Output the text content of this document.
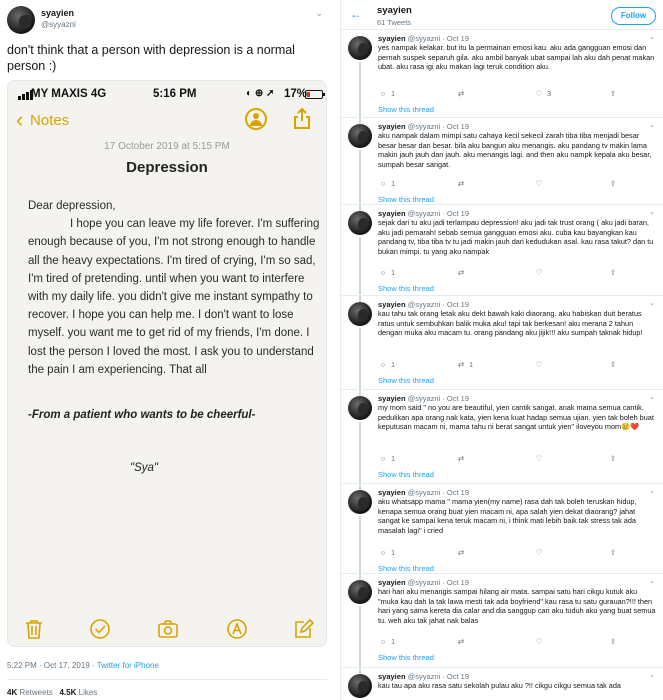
syayien
@syyazni
⌄
don't think that a person with depression is a normal person :)
MY MAXIS 4G	5:16 PM	◐ ⊕ ➚ 17%
‹ Notes
17 October 2019 at 5:15 PM
Depression
Dear depression,
I hope you can leave my life forever. I'm suffering enough because of you, I'm not strong enough to handle all the heavy expectations. I'm tired of crying, I'm so sad, I'm tired of pretending. until when you want to interfere with my daily life. you didn't give me instant sympathy to recover. I hope you can help me. I don't want to lose myself. you want me to get rid of my friends, I'm done. I lost the person I loved the most. I ask you to understand the pain I am experiencing. That all
-From a patient who wants to be cheerful-
"Sya"
5:22 PM · Oct 17, 2019 · Twitter for iPhone
4K Retweets 4.5K Likes
← syayien
61 Tweets
Follow
syayien @syyazni · Oct 19	⌄
yes nampak kelakar. but itu la permainan emosi kau. aku ada gangguan emosi dan pernah suspek separuh gila. aku ambil banyak ubat sampai lah aku dah penat makan ubat. aku rasa igi aku makan lagi teruk condition aku.
○ 1	⇄	♡ 3	⇧
Show this thread
syayien @syyazni · Oct 19	⌄
aku nampak dalam mimpi satu cahaya kecil sekecil zarah tiba tiba menjadi besar besar besar dan besar. bila aku bangun aku menangis. aku pandang tv makin lama makin jauh jauh dan jauh. aku menangis lagi. and then aku nampk kepala aku besar, sumpah besar sangat.
○ 1	⇄	♡	⇧
Show this thread
syayien @syyazni · Oct 19	⌄
sejak dari tu aku jadi terlampau depression! aku jadi tak trust orang ( aku jadi baran, aku jadi pemarah! sebab semua gangguan emosi aku. cuba kau bayangkan kau pandang tv, tiba tiba tv tu jadi makin jauh dari kedudukan asal. kau rasa takut? dan tu bukan mimpi. tu yang aku nampak
○ 1	⇄	♡	⇧
Show this thread
syayien @syyazni · Oct 19	⌄
kau tahu tak orang letak aku dekt bawah kaki diaorang. aku habiskan duit beratus ratus untuk sembuhkan balik muka aku! tapi tak berkesan! aku merana 2 tahun dengan muka aku macam tu. orang pandang aku jijik!!! aku sumpah taknak hidup!
○ 1	⇄ 1	♡	⇧
Show this thread
syayien @syyazni · Oct 19	⌄
my mom said " no you are beautiful, yien cantik sangat. anak mama semua cantik. pedulikan apa orang nak kata, yien kena kuat hadap semua ujian. yien tak boleh buat keputusan macam ni, mama tahu ni berat sangat untuk yien" iloveyou mom😢❤️
○ 1	⇄	♡	⇧
Show this thread
syayien @syyazni · Oct 19	⌄
aku whatsapp mama " mama yien(my name) rasa dah tak boleh teruskan hidup, kenapa semua orang buat yien macam ni, apa salah yien dekat diaorang? jahat sangat ke sampai kena teruk macam ni, i think mati lebih baik tak stress tak ada masalah lagi" i cried
○ 1	⇄	♡	⇧
Show this thread
syayien @syyazni · Oct 19	⌄
hari hari aku menangis sampai hilang air mata. sampai satu hari cikgu kutuk aku "muka kau dah la tak lawa mesti tak ada boyfriend" kau rasa tu satu gurauan?!!! then hari yang sama kereta dia calar and dia sanggup cari aku tuduh aku yang buat semua tu. weh aku tak jahat nak balas
○ 1	⇄	♡	⇧
Show this thread
syayien @syyazni · Oct 19	⌄
kau tau apa aku rasa satu sekolah pulau aku ?!! cikgu cikgu semua tak ada
